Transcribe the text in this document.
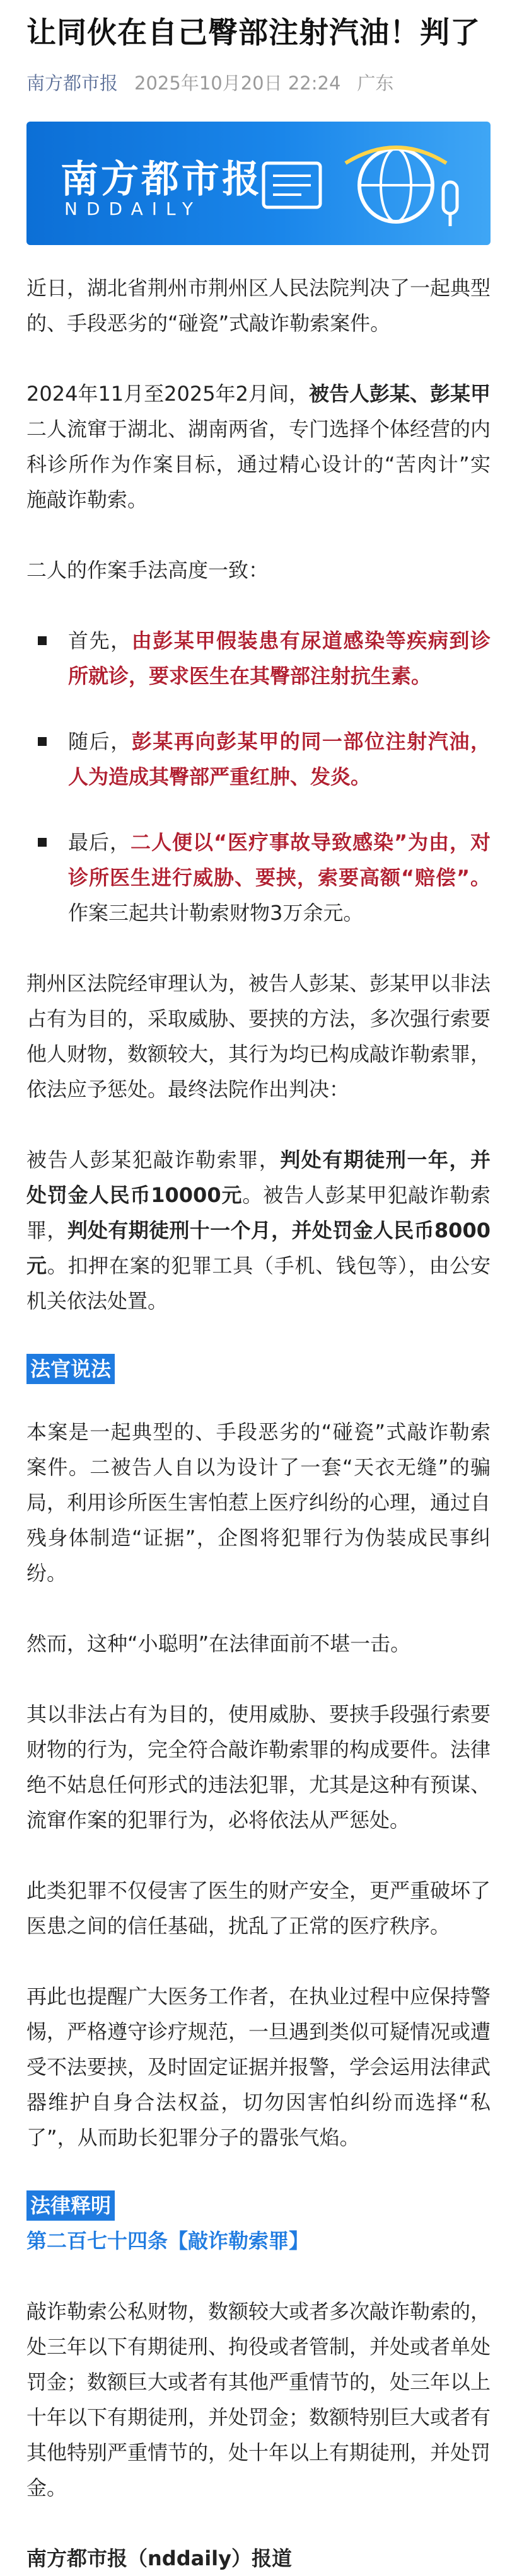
让同伙在自己臀部注射汽油！判了
南方都市报 2025年10月20日 22:24 广东
南方都市报
NDDAILY

近日，湖北省荆州市荆州区人民法院判决了一起典型的、手段恶劣的“碰瓷”式敲诈勒索案件。

2024年11月至2025年2月间，被告人彭某、彭某甲二人流窜于湖北、湖南两省，专门选择个体经营的内科诊所作为作案目标，通过精心设计的“苦肉计”实施敲诈勒索。

二人的作案手法高度一致：

首先，由彭某甲假装患有尿道感染等疾病到诊所就诊，要求医生在其臀部注射抗生素。
随后，彭某再向彭某甲的同一部位注射汽油，人为造成其臀部严重红肿、发炎。
最后，二人便以“医疗事故导致感染”为由，对诊所医生进行威胁、要挟，索要高额“赔偿”。作案三起共计勒索财物3万余元。

荆州区法院经审理认为，被告人彭某、彭某甲以非法占有为目的，采取威胁、要挟的方法，多次强行索要他人财物，数额较大，其行为均已构成敲诈勒索罪，依法应予惩处。最终法院作出判决：

被告人彭某犯敲诈勒索罪，判处有期徒刑一年，并处罚金人民币10000元。被告人彭某甲犯敲诈勒索罪，判处有期徒刑十一个月，并处罚金人民币8000元。扣押在案的犯罪工具（手机、钱包等），由公安机关依法处置。

法官说法

本案是一起典型的、手段恶劣的“碰瓷”式敲诈勒索案件。二被告人自以为设计了一套“天衣无缝”的骗局，利用诊所医生害怕惹上医疗纠纷的心理，通过自残身体制造“证据”，企图将犯罪行为伪装成民事纠纷。

然而，这种“小聪明”在法律面前不堪一击。

其以非法占有为目的，使用威胁、要挟手段强行索要财物的行为，完全符合敲诈勒索罪的构成要件。法律绝不姑息任何形式的违法犯罪，尤其是这种有预谋、流窜作案的犯罪行为，必将依法从严惩处。

此类犯罪不仅侵害了医生的财产安全，更严重破坏了医患之间的信任基础，扰乱了正常的医疗秩序。

再此也提醒广大医务工作者，在执业过程中应保持警惕，严格遵守诊疗规范，一旦遇到类似可疑情况或遭受不法要挟，及时固定证据并报警，学会运用法律武器维护自身合法权益，切勿因害怕纠纷而选择“私了”，从而助长犯罪分子的嚣张气焰。

法律释明

第二百七十四条【敲诈勒索罪】

敲诈勒索公私财物，数额较大或者多次敲诈勒索的，处三年以下有期徒刑、拘役或者管制，并处或者单处罚金；数额巨大或者有其他严重情节的，处三年以上十年以下有期徒刑，并处罚金；数额特别巨大或者有其他特别严重情节的，处十年以上有期徒刑，并处罚金。

南方都市报（nddaily）报道
